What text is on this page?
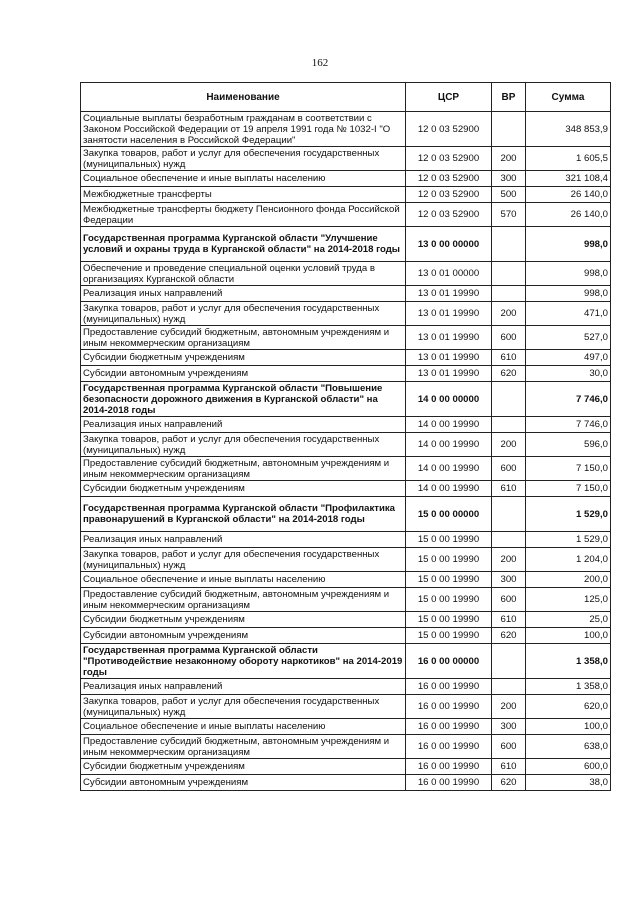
162
Наименование	ЦСР	ВР	Сумма
Социальные выплаты безработным гражданам в соответствии с Законом Российской Федерации от 19 апреля 1991 года № 1032-I "О занятости населения в Российской Федерации"	12 0 03 52900		348 853,9
Закупка товаров, работ и услуг для обеспечения государственных (муниципальных) нужд	12 0 03 52900	200	1 605,5
Социальное обеспечение и иные выплаты населению	12 0 03 52900	300	321 108,4
Межбюджетные трансферты	12 0 03 52900	500	26 140,0
Межбюджетные трансферты бюджету Пенсионного фонда Российской Федерации	12 0 03 52900	570	26 140,0
Государственная программа Курганской области "Улучшение условий и охраны труда в Курганской области" на 2014-2018 годы	13 0 00 00000		998,0
Обеспечение и проведение специальной оценки условий труда в организациях Курганской области	13 0 01 00000		998,0
Реализация иных направлений	13 0 01 19990		998,0
Закупка товаров, работ и услуг для обеспечения государственных (муниципальных) нужд	13 0 01 19990	200	471,0
Предоставление субсидий бюджетным, автономным учреждениям и иным некоммерческим организациям	13 0 01 19990	600	527,0
Субсидии бюджетным учреждениям	13 0 01 19990	610	497,0
Субсидии автономным учреждениям	13 0 01 19990	620	30,0
Государственная программа Курганской области "Повышение безопасности дорожного движения в Курганской области" на 2014-2018 годы	14 0 00 00000		7 746,0
Реализация иных направлений	14 0 00 19990		7 746,0
Закупка товаров, работ и услуг для обеспечения государственных (муниципальных) нужд	14 0 00 19990	200	596,0
Предоставление субсидий бюджетным, автономным учреждениям и иным некоммерческим организациям	14 0 00 19990	600	7 150,0
Субсидии бюджетным учреждениям	14 0 00 19990	610	7 150,0
Государственная программа Курганской области "Профилактика правонарушений в Курганской области" на 2014-2018 годы	15 0 00 00000		1 529,0
Реализация иных направлений	15 0 00 19990		1 529,0
Закупка товаров, работ и услуг для обеспечения государственных (муниципальных) нужд	15 0 00 19990	200	1 204,0
Социальное обеспечение и иные выплаты населению	15 0 00 19990	300	200,0
Предоставление субсидий бюджетным, автономным учреждениям и иным некоммерческим организациям	15 0 00 19990	600	125,0
Субсидии бюджетным учреждениям	15 0 00 19990	610	25,0
Субсидии автономным учреждениям	15 0 00 19990	620	100,0
Государственная программа Курганской области "Противодействие незаконному обороту наркотиков" на 2014-2019 годы	16 0 00 00000		1 358,0
Реализация иных направлений	16 0 00 19990		1 358,0
Закупка товаров, работ и услуг для обеспечения государственных (муниципальных) нужд	16 0 00 19990	200	620,0
Социальное обеспечение и иные выплаты населению	16 0 00 19990	300	100,0
Предоставление субсидий бюджетным, автономным учреждениям и иным некоммерческим организациям	16 0 00 19990	600	638,0
Субсидии бюджетным учреждениям	16 0 00 19990	610	600,0
Субсидии автономным учреждениям	16 0 00 19990	620	38,0
